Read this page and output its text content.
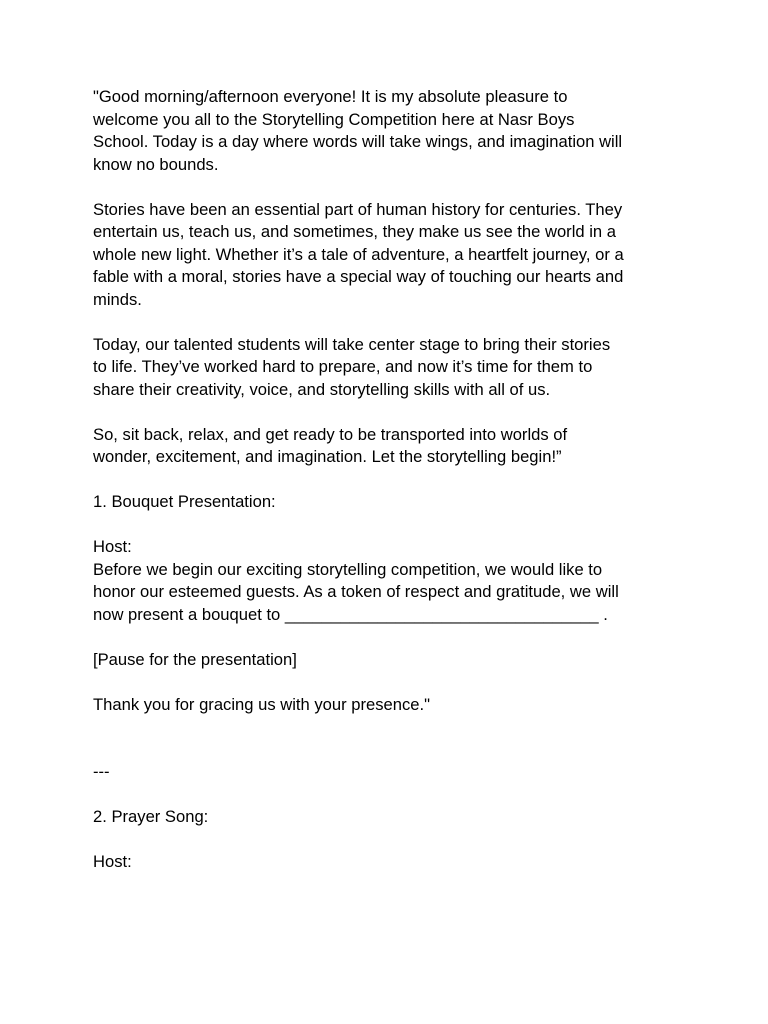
"Good morning/afternoon everyone! It is my absolute pleasure to
welcome you all to the Storytelling Competition here at Nasr Boys
School. Today is a day where words will take wings, and imagination will
know no bounds.
Stories have been an essential part of human history for centuries. They
entertain us, teach us, and sometimes, they make us see the world in a
whole new light. Whether it’s a tale of adventure, a heartfelt journey, or a
fable with a moral, stories have a special way of touching our hearts and
minds.
Today, our talented students will take center stage to bring their stories
to life. They’ve worked hard to prepare, and now it’s time for them to
share their creativity, voice, and storytelling skills with all of us.
So, sit back, relax, and get ready to be transported into worlds of
wonder, excitement, and imagination. Let the storytelling begin!”
1. Bouquet Presentation:
Host:
Before we begin our exciting storytelling competition, we would like to
honor our esteemed guests. As a token of respect and gratitude, we will
now present a bouquet to __________________________________ .
[Pause for the presentation]
Thank you for gracing us with your presence."
---
2. Prayer Song:
Host:
